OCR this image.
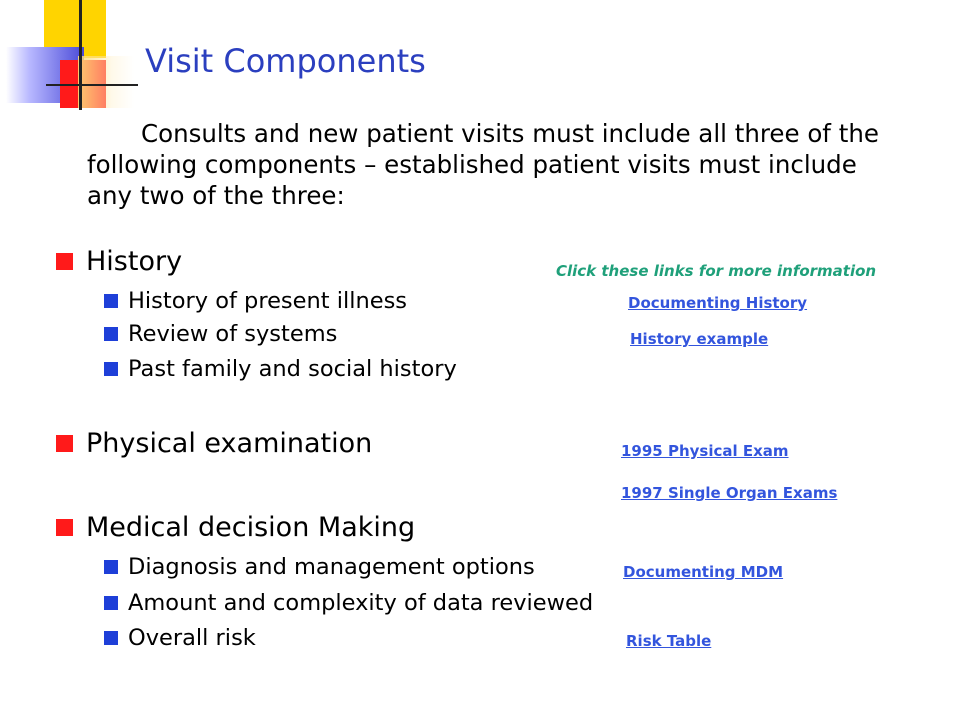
Visit Components
Consults and new patient visits must include all three of the following components – established patient visits must include any two of the three:
Click these links for more information
History
History of present illness
Review of systems
Past family and social history
Physical examination
Medical decision Making
Diagnosis and management options
Amount and complexity of data reviewed
Overall risk
Documenting History
History example
1995 Physical Exam
1997 Single Organ Exams
Documenting MDM
Risk Table
